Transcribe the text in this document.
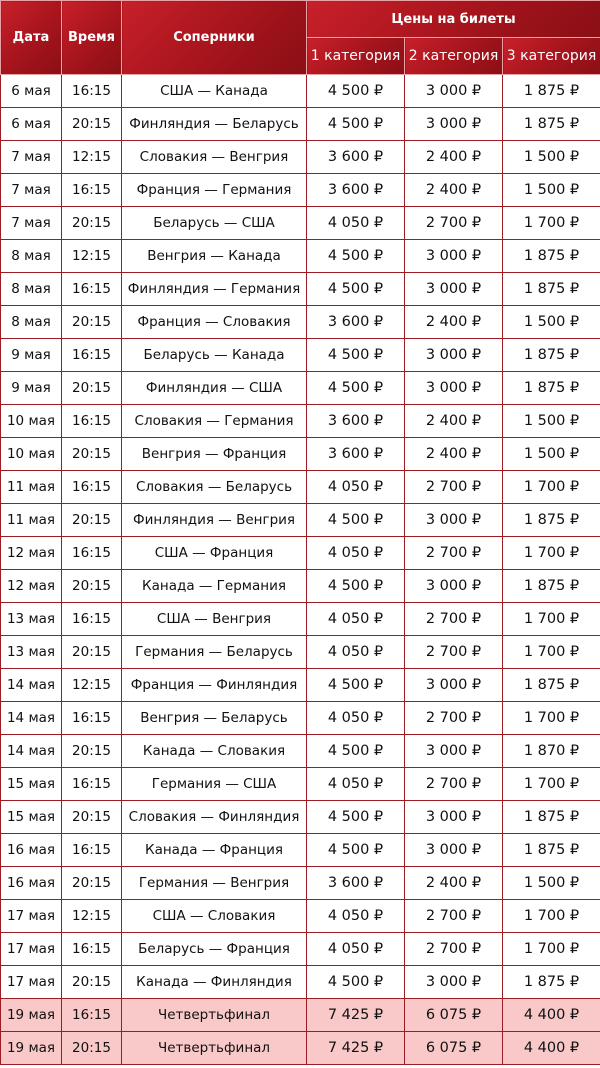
Дата	Время	Соперники	Цены на билеты		
			1 категория	2 категория	3 категория
6 мая	16:15	США — Канада	4 500 ₽	3 000 ₽	1 875 ₽
6 мая	20:15	Финляндия — Беларусь	4 500 ₽	3 000 ₽	1 875 ₽
7 мая	12:15	Словакия — Венгрия	3 600 ₽	2 400 ₽	1 500 ₽
7 мая	16:15	Франция — Германия	3 600 ₽	2 400 ₽	1 500 ₽
7 мая	20:15	Беларусь — США	4 050 ₽	2 700 ₽	1 700 ₽
8 мая	12:15	Венгрия — Канада	4 500 ₽	3 000 ₽	1 875 ₽
8 мая	16:15	Финляндия — Германия	4 500 ₽	3 000 ₽	1 875 ₽
8 мая	20:15	Франция — Словакия	3 600 ₽	2 400 ₽	1 500 ₽
9 мая	16:15	Беларусь — Канада	4 500 ₽	3 000 ₽	1 875 ₽
9 мая	20:15	Финляндия — США	4 500 ₽	3 000 ₽	1 875 ₽
10 мая	16:15	Словакия — Германия	3 600 ₽	2 400 ₽	1 500 ₽
10 мая	20:15	Венгрия — Франция	3 600 ₽	2 400 ₽	1 500 ₽
11 мая	16:15	Словакия — Беларусь	4 050 ₽	2 700 ₽	1 700 ₽
11 мая	20:15	Финляндия — Венгрия	4 500 ₽	3 000 ₽	1 875 ₽
12 мая	16:15	США — Франция	4 050 ₽	2 700 ₽	1 700 ₽
12 мая	20:15	Канада — Германия	4 500 ₽	3 000 ₽	1 875 ₽
13 мая	16:15	США — Венгрия	4 050 ₽	2 700 ₽	1 700 ₽
13 мая	20:15	Германия — Беларусь	4 050 ₽	2 700 ₽	1 700 ₽
14 мая	12:15	Франция — Финляндия	4 500 ₽	3 000 ₽	1 875 ₽
14 мая	16:15	Венгрия — Беларусь	4 050 ₽	2 700 ₽	1 700 ₽
14 мая	20:15	Канада — Словакия	4 500 ₽	3 000 ₽	1 870 ₽
15 мая	16:15	Германия — США	4 050 ₽	2 700 ₽	1 700 ₽
15 мая	20:15	Словакия — Финляндия	4 500 ₽	3 000 ₽	1 875 ₽
16 мая	16:15	Канада — Франция	4 500 ₽	3 000 ₽	1 875 ₽
16 мая	20:15	Германия — Венгрия	3 600 ₽	2 400 ₽	1 500 ₽
17 мая	12:15	США — Словакия	4 050 ₽	2 700 ₽	1 700 ₽
17 мая	16:15	Беларусь — Франция	4 050 ₽	2 700 ₽	1 700 ₽
17 мая	20:15	Канада — Финляндия	4 500 ₽	3 000 ₽	1 875 ₽
19 мая	16:15	Четвертьфинал	7 425 ₽	6 075 ₽	4 400 ₽
19 мая	20:15	Четвертьфинал	7 425 ₽	6 075 ₽	4 400 ₽
